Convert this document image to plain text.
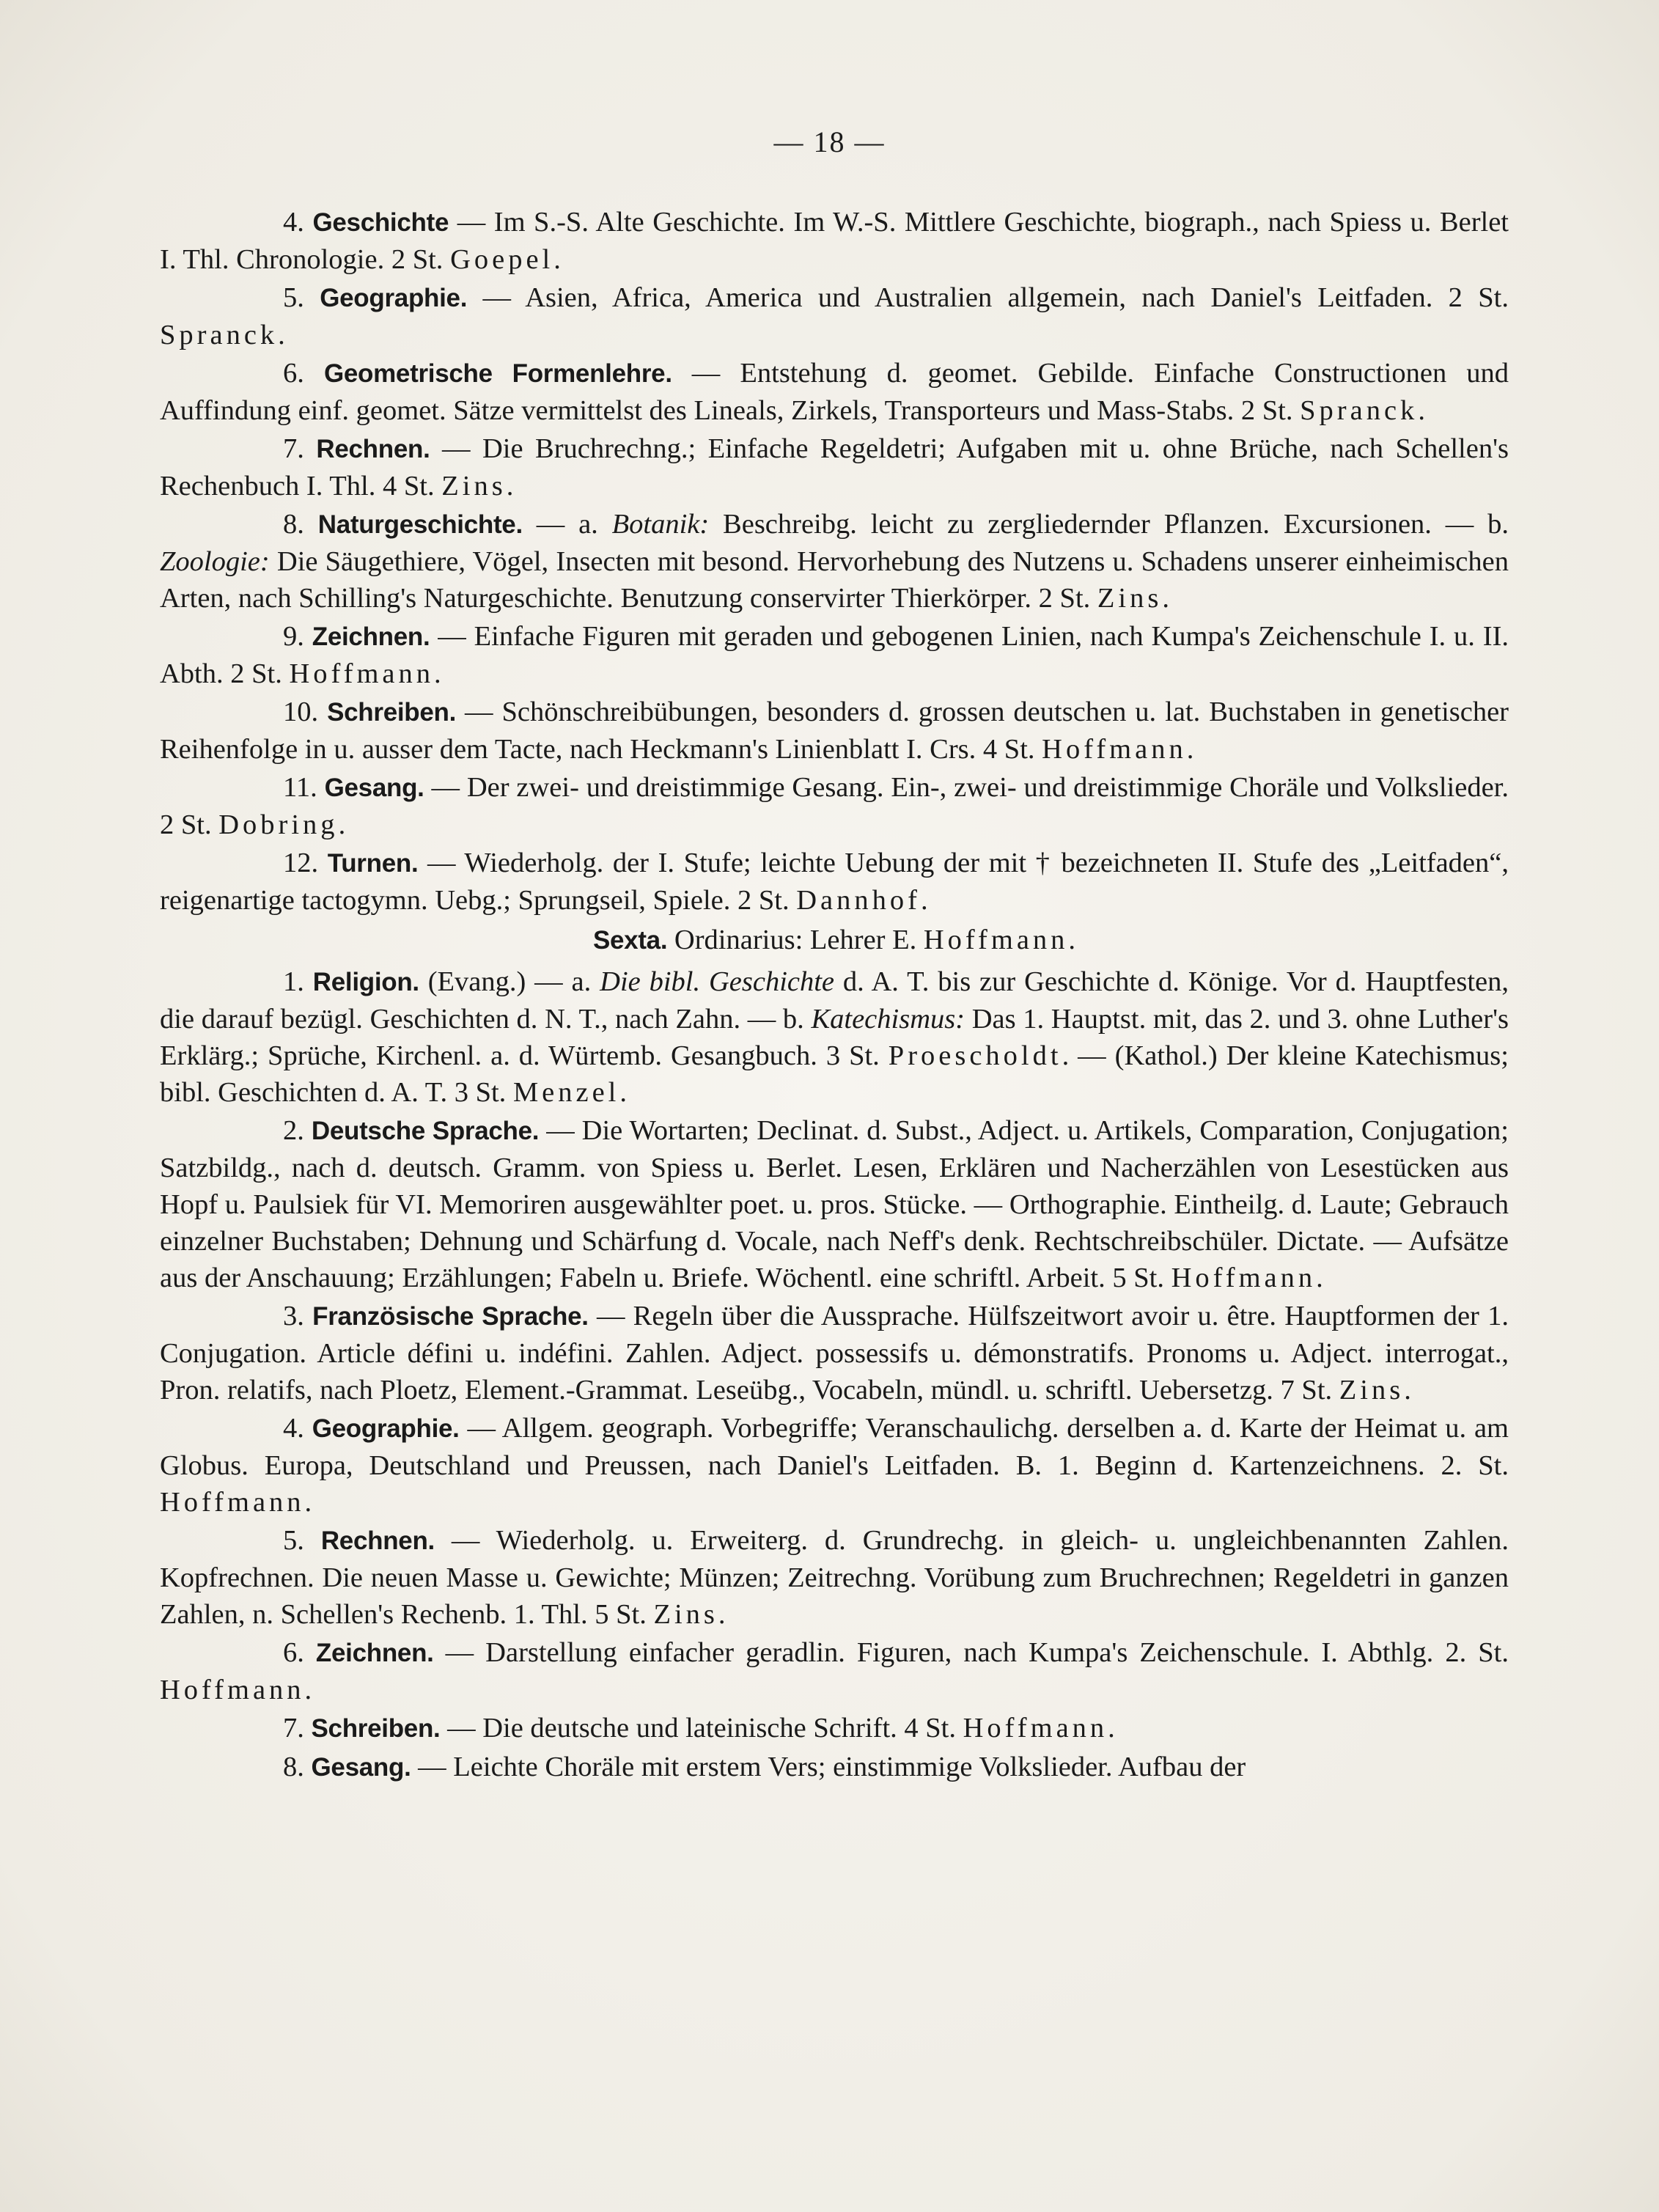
— 18 —

4. Geschichte — Im S.-S. Alte Geschichte. Im W.-S. Mittlere Geschichte, biograph., nach Spiess u. Berlet I. Thl. Chronologie. 2 St. Goepel.

5. Geographie. — Asien, Africa, America und Australien allgemein, nach Daniel's Leitfaden. 2 St. Spranck.

6. Geometrische Formenlehre. — Entstehung d. geomet. Gebilde. Einfache Constructionen und Auffindung einf. geomet. Sätze vermittelst des Lineals, Zirkels, Transporteurs und Mass-Stabs. 2 St. Spranck.

7. Rechnen. — Die Bruchrechng.; Einfache Regeldetri; Aufgaben mit u. ohne Brüche, nach Schellen's Rechenbuch I. Thl. 4 St. Zins.

8. Naturgeschichte. — a. Botanik: Beschreibg. leicht zu zergliedernder Pflanzen. Excursionen. — b. Zoologie: Die Säugethiere, Vögel, Insecten mit besond. Hervorhebung des Nutzens u. Schadens unserer einheimischen Arten, nach Schilling's Naturgeschichte. Benutzung conservirter Thierkörper. 2 St. Zins.

9. Zeichnen. — Einfache Figuren mit geraden und gebogenen Linien, nach Kumpa's Zeichenschule I. u. II. Abth. 2 St. Hoffmann.

10. Schreiben. — Schönschreibübungen, besonders d. grossen deutschen u. lat. Buchstaben in genetischer Reihenfolge in u. ausser dem Tacte, nach Heckmann's Linienblatt I. Crs. 4 St. Hoffmann.

11. Gesang. — Der zwei- und dreistimmige Gesang. Ein-, zwei- und dreistimmige Choräle und Volkslieder. 2 St. Dobring.

12. Turnen. — Wiederholg. der I. Stufe; leichte Uebung der mit † bezeichneten II. Stufe des „Leitfaden“, reigenartige tactogymn. Uebg.; Sprungseil, Spiele. 2 St. Dannhof.

Sexta. Ordinarius: Lehrer E. Hoffmann.

1. Religion. (Evang.) — a. Die bibl. Geschichte d. A. T. bis zur Geschichte d. Könige. Vor d. Hauptfesten, die darauf bezügl. Geschichten d. N. T., nach Zahn. — b. Katechismus: Das 1. Hauptst. mit, das 2. und 3. ohne Luther's Erklärg.; Sprüche, Kirchenl. a. d. Würtemb. Gesangbuch. 3 St. Proescholdt. — (Kathol.) Der kleine Katechismus; bibl. Geschichten d. A. T. 3 St. Menzel.

2. Deutsche Sprache. — Die Wortarten; Declinat. d. Subst., Adject. u. Artikels, Comparation, Conjugation; Satzbildg., nach d. deutsch. Gramm. von Spiess u. Berlet. Lesen, Erklären und Nacherzählen von Lesestücken aus Hopf u. Paulsiek für VI. Memoriren ausgewählter poet. u. pros. Stücke. — Orthographie. Eintheilg. d. Laute; Gebrauch einzelner Buchstaben; Dehnung und Schärfung d. Vocale, nach Neff's denk. Rechtschreibschüler. Dictate. — Aufsätze aus der Anschauung; Erzählungen; Fabeln u. Briefe. Wöchentl. eine schriftl. Arbeit. 5 St. Hoffmann.

3. Französische Sprache. — Regeln über die Aussprache. Hülfszeitwort avoir u. être. Hauptformen der 1. Conjugation. Article défini u. indéfini. Zahlen. Adject. possessifs u. démonstratifs. Pronoms u. Adject. interrogat., Pron. relatifs, nach Ploetz, Element.-Grammat. Leseübg., Vocabeln, mündl. u. schriftl. Uebersetzg. 7 St. Zins.

4. Geographie. — Allgem. geograph. Vorbegriffe; Veranschaulichg. derselben a. d. Karte der Heimat u. am Globus. Europa, Deutschland und Preussen, nach Daniel's Leitfaden. B. 1. Beginn d. Kartenzeichnens. 2. St. Hoffmann.

5. Rechnen. — Wiederholg. u. Erweiterg. d. Grundrechg. in gleich- u. ungleichbenannten Zahlen. Kopfrechnen. Die neuen Masse u. Gewichte; Münzen; Zeitrechng. Vorübung zum Bruchrechnen; Regeldetri in ganzen Zahlen, n. Schellen's Rechenb. 1. Thl. 5 St. Zins.

6. Zeichnen. — Darstellung einfacher geradlin. Figuren, nach Kumpa's Zeichenschule. I. Abthlg. 2. St. Hoffmann.

7. Schreiben. — Die deutsche und lateinische Schrift. 4 St. Hoffmann.

8. Gesang. — Leichte Choräle mit erstem Vers; einstimmige Volkslieder. Aufbau der
